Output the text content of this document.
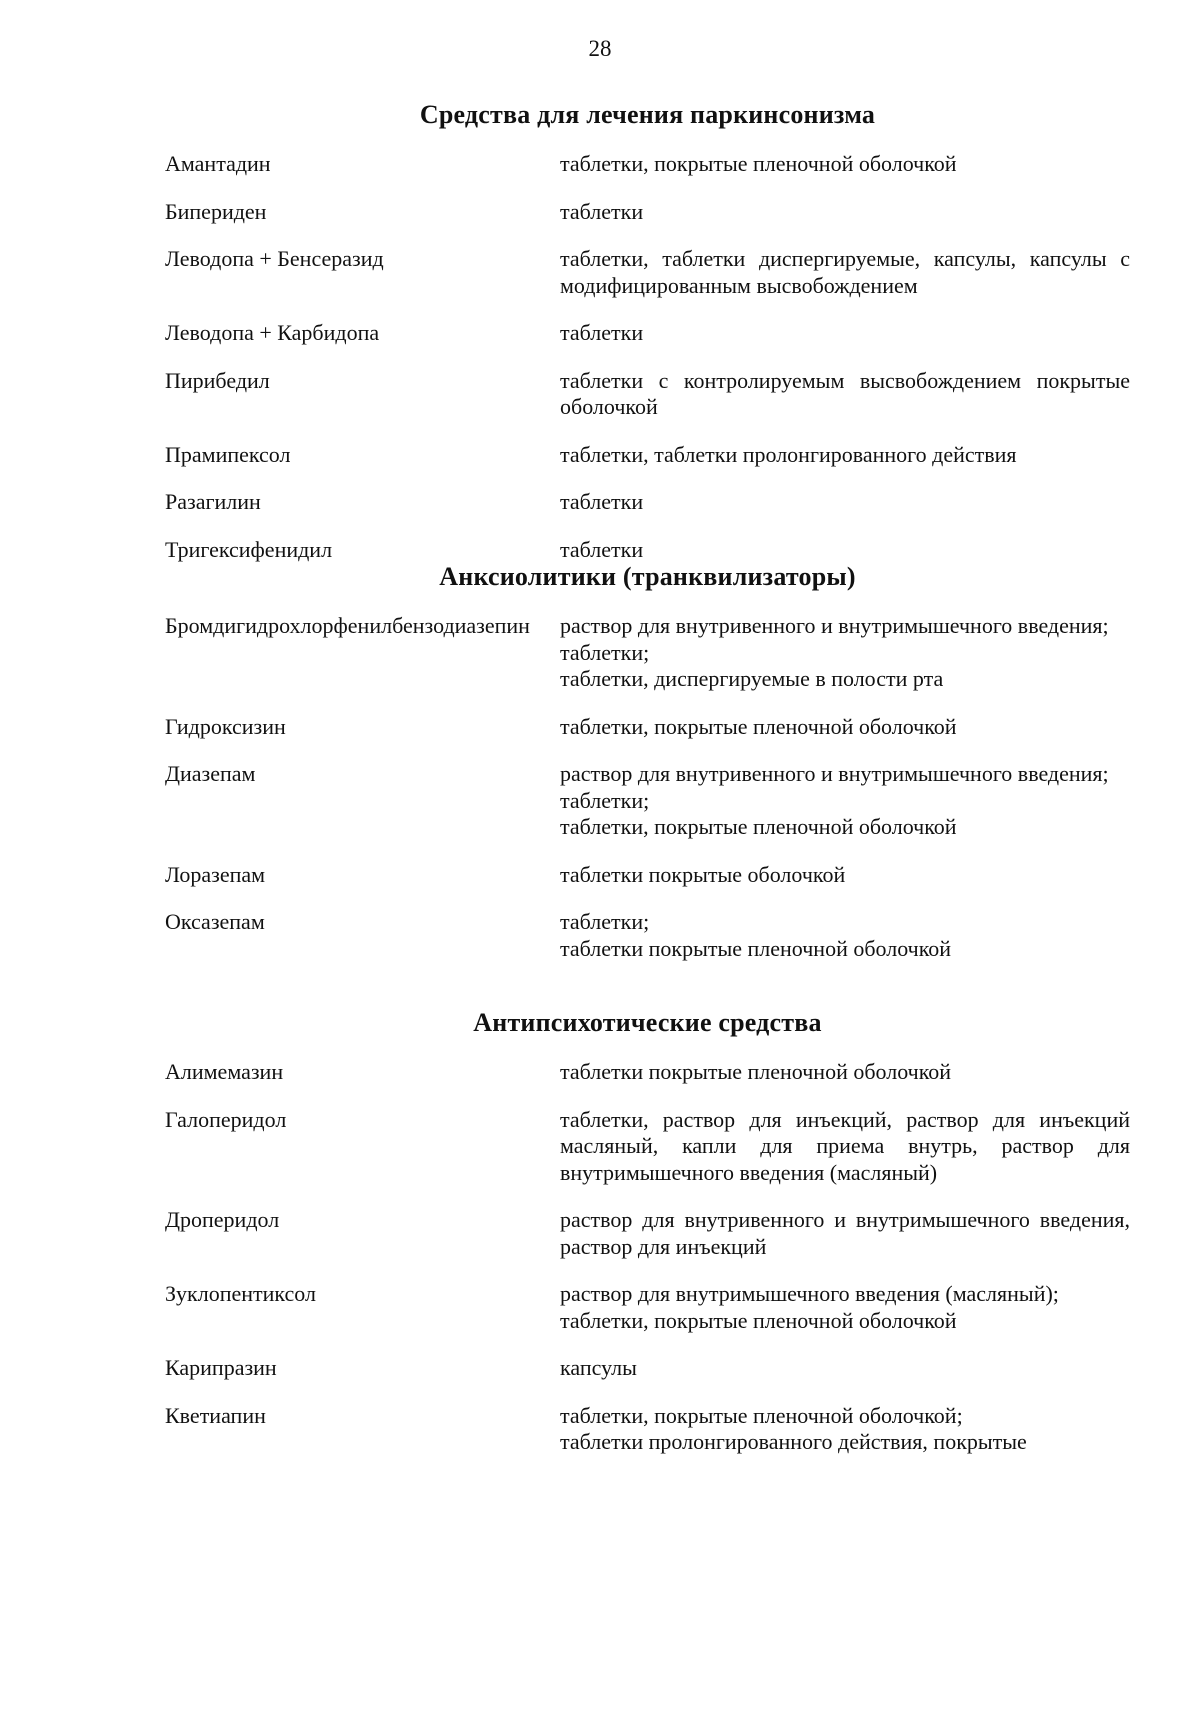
28
Средства для лечения паркинсонизма
Амантадин	таблетки, покрытые пленочной оболочкой
Бипериден	таблетки
Леводопа + Бенсеразид	таблетки, таблетки диспергируемые, капсулы, капсулы с модифицированным высвобождением
Леводопа + Карбидопа	таблетки
Пирибедил	таблетки с контролируемым высвобождением покрытые оболочкой
Прамипексол	таблетки, таблетки пролонгированного действия
Разагилин	таблетки
Тригексифенидил	таблетки
Анксиолитики (транквилизаторы)
Бромдигидрохлорфенилбензодиазепин	раствор для внутривенного и внутримышечного введения;
таблетки;
таблетки, диспергируемые в полости рта
Гидроксизин	таблетки, покрытые пленочной оболочкой
Диазепам	раствор для внутривенного и внутримышечного введения;
таблетки;
таблетки, покрытые пленочной оболочкой
Лоразепам	таблетки покрытые оболочкой
Оксазепам	таблетки;
таблетки покрытые пленочной оболочкой
Антипсихотические средства
Алимемазин	таблетки покрытые пленочной оболочкой
Галоперидол	таблетки, раствор для инъекций, раствор для инъекций масляный, капли для приема внутрь, раствор для внутримышечного введения (масляный)
Дроперидол	раствор для внутривенного и внутримышечного введения, раствор для инъекций
Зуклопентиксол	раствор для внутримышечного введения (масляный);
таблетки, покрытые пленочной оболочкой
Карипразин	капсулы
Кветиапин	таблетки, покрытые пленочной оболочкой;
таблетки пролонгированного действия, покрытые
